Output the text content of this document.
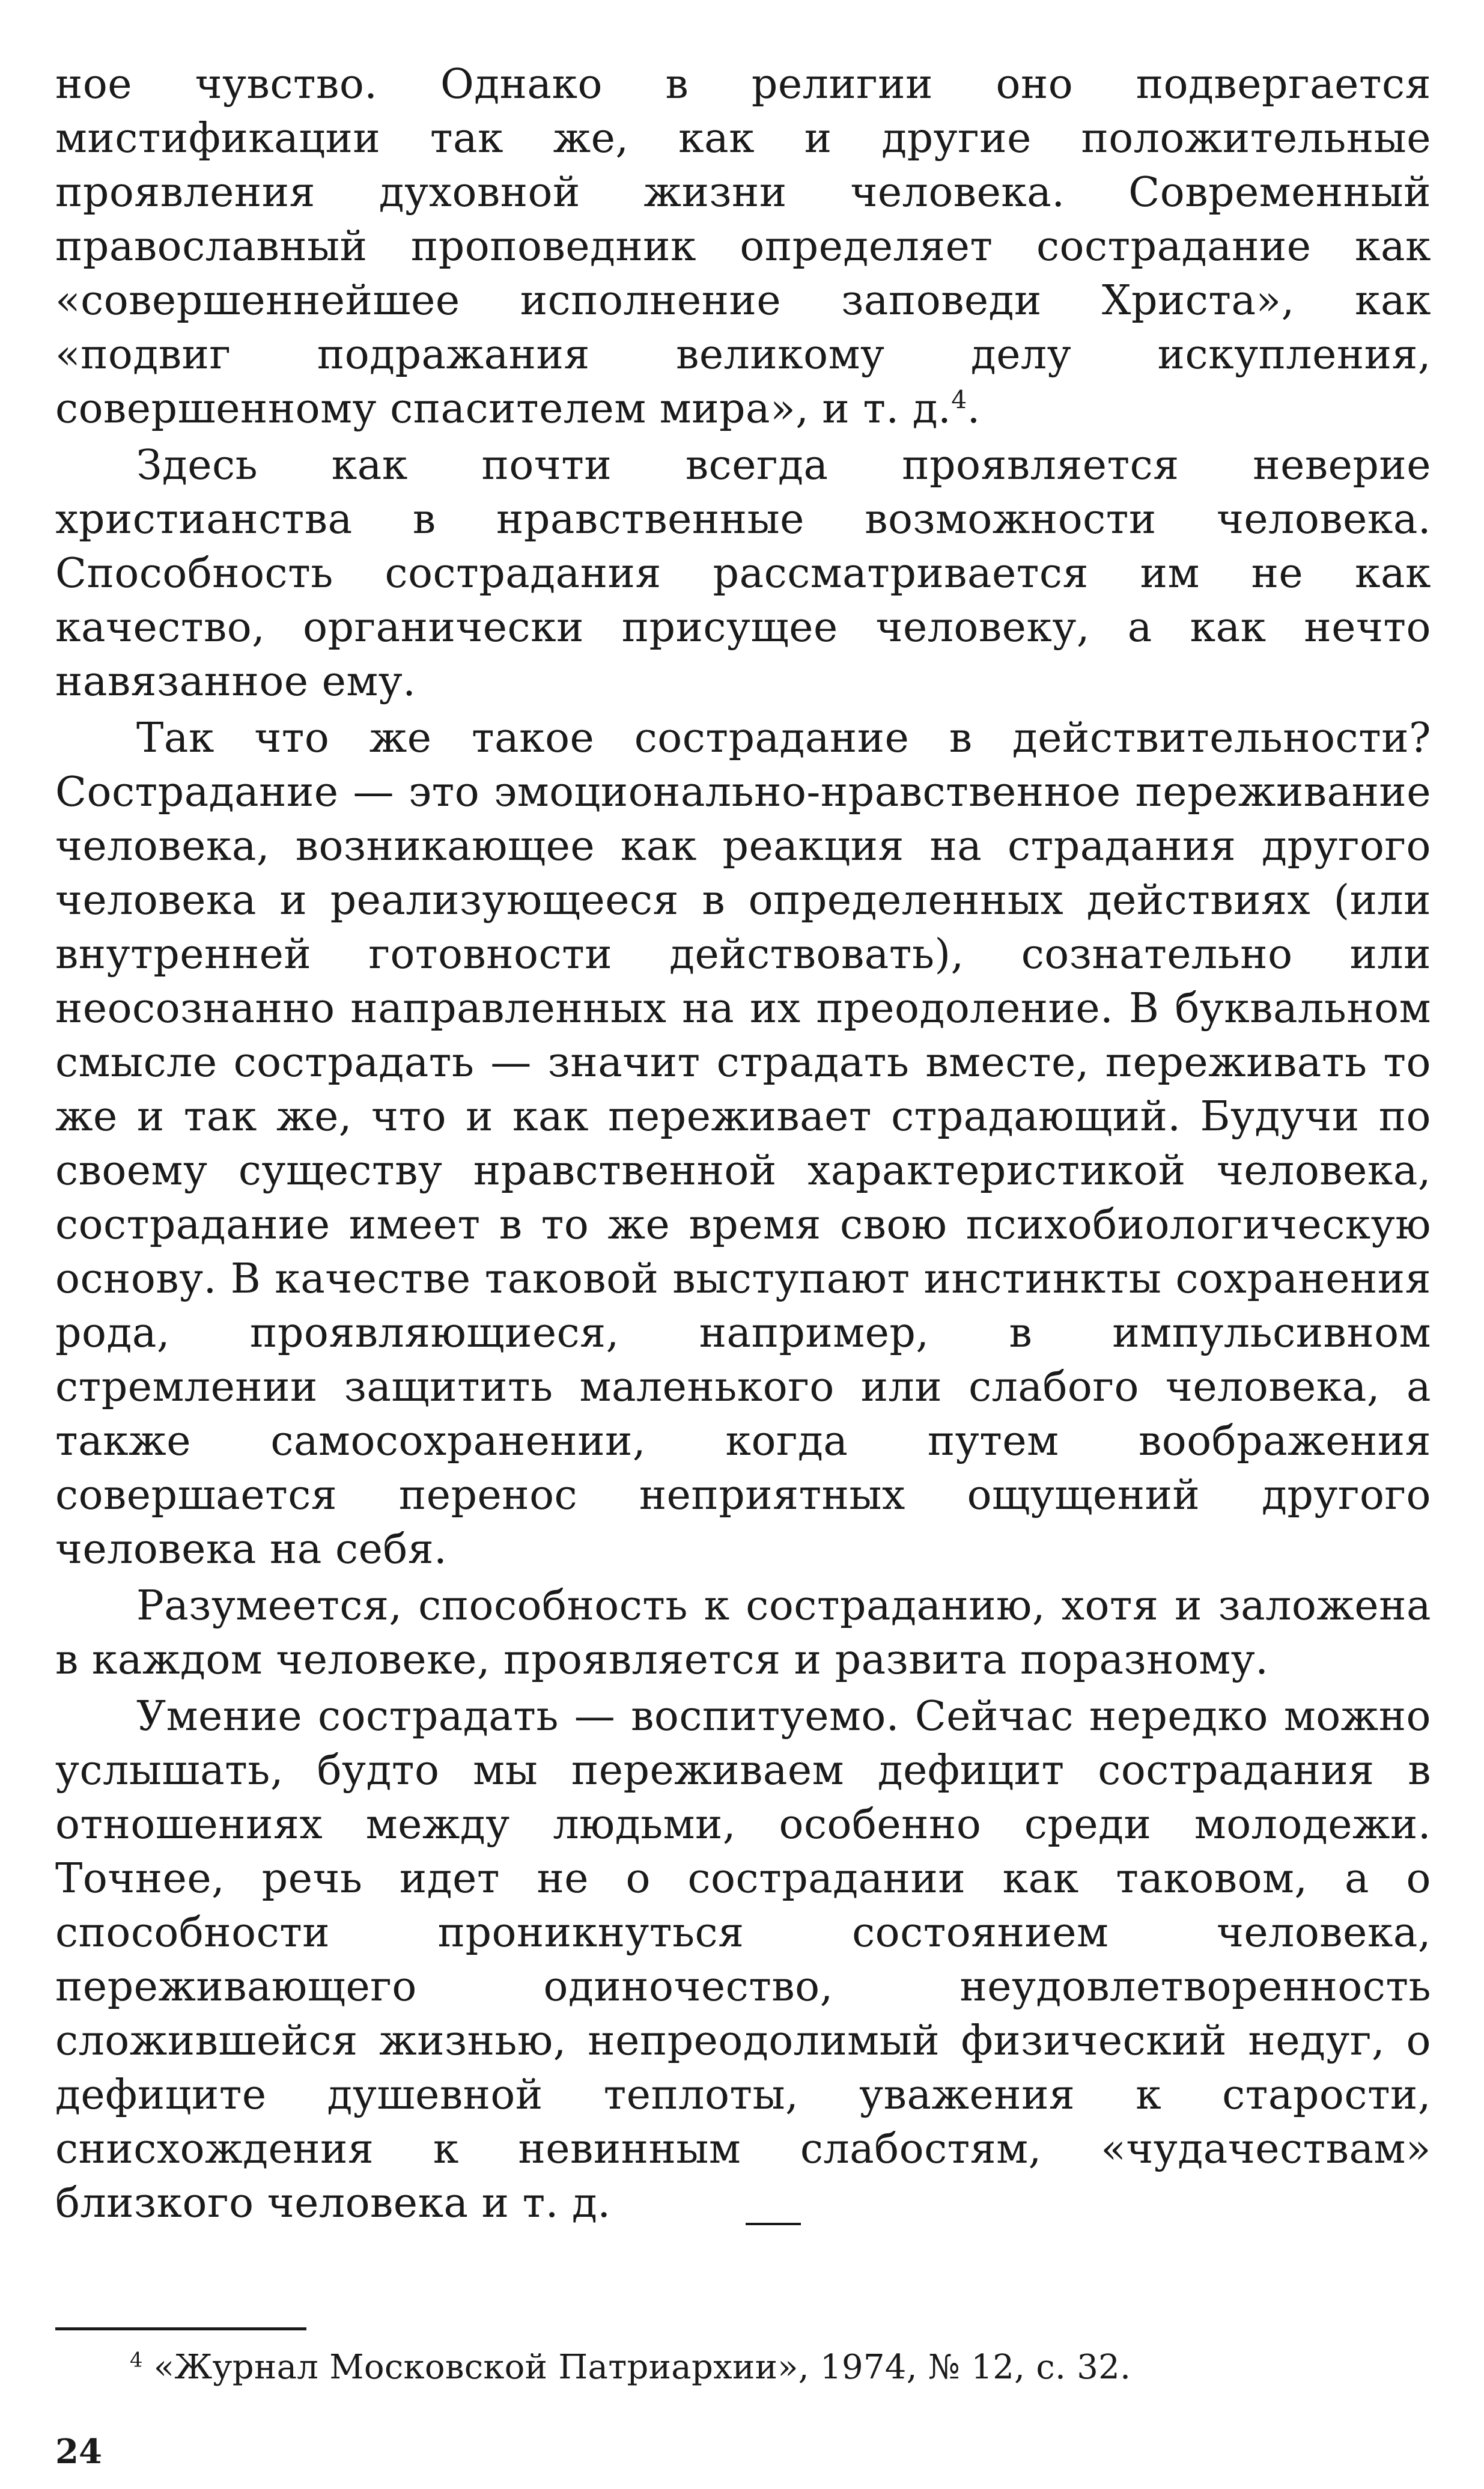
ное чувство. Однако в религии оно подвергается мистификации так же, как и другие положительные проявления духовной жизни человека. Современный православный проповедник определяет сострадание как «совершеннейшее исполнение заповеди Христа», как «подвиг подражания великому делу искупления, совершенному спасителем мира», и т. д.$^4$.

Здесь как почти всегда проявляется неверие христианства в нравственные возможности человека. Способность сострадания рассматривается им не как качество, органически присущее человеку, а как нечто навязанное ему.

Так что же такое сострадание в действительности? Сострадание — это эмоционально-нравственное переживание человека, возникающее как реакция на страдания другого человека и реализующееся в определенных действиях (или внутренней готовности действовать), сознательно или неосознанно направленных на их преодоление. В буквальном смысле сострадать — значит страдать вместе, переживать то же и так же, что и как переживает страдающий. Будучи по своему существу нравственной характеристикой человека, сострадание имеет в то же время свою психобиологическую основу. В качестве таковой выступают инстинкты сохранения рода, проявляющиеся, например, в импульсивном стремлении защитить маленького или слабого человека, а также самосохранении, когда путем воображения совершается перенос неприятных ощущений другого человека на себя.

Разумеется, способность к состраданию, хотя и заложена в каждом человеке, проявляется и развита поразному.

Умение сострадать — воспитуемо. Сейчас нередко можно услышать, будто мы переживаем дефицит сострадания в отношениях между людьми, особенно среди молодежи. Точнее, речь идет не о сострадании как таковом, а о способности проникнуться состоянием человека, переживающего одиночество, неудовлетворенность сложившейся жизнью, непреодолимый физический недуг, о дефиците душевной теплоты, уважения к старости, снисхождения к невинным слабостям, «чудачествам» близкого человека и т. д.

$^4$ «Журнал Московской Патриархии», 1974, № 12, с. 32.
24
